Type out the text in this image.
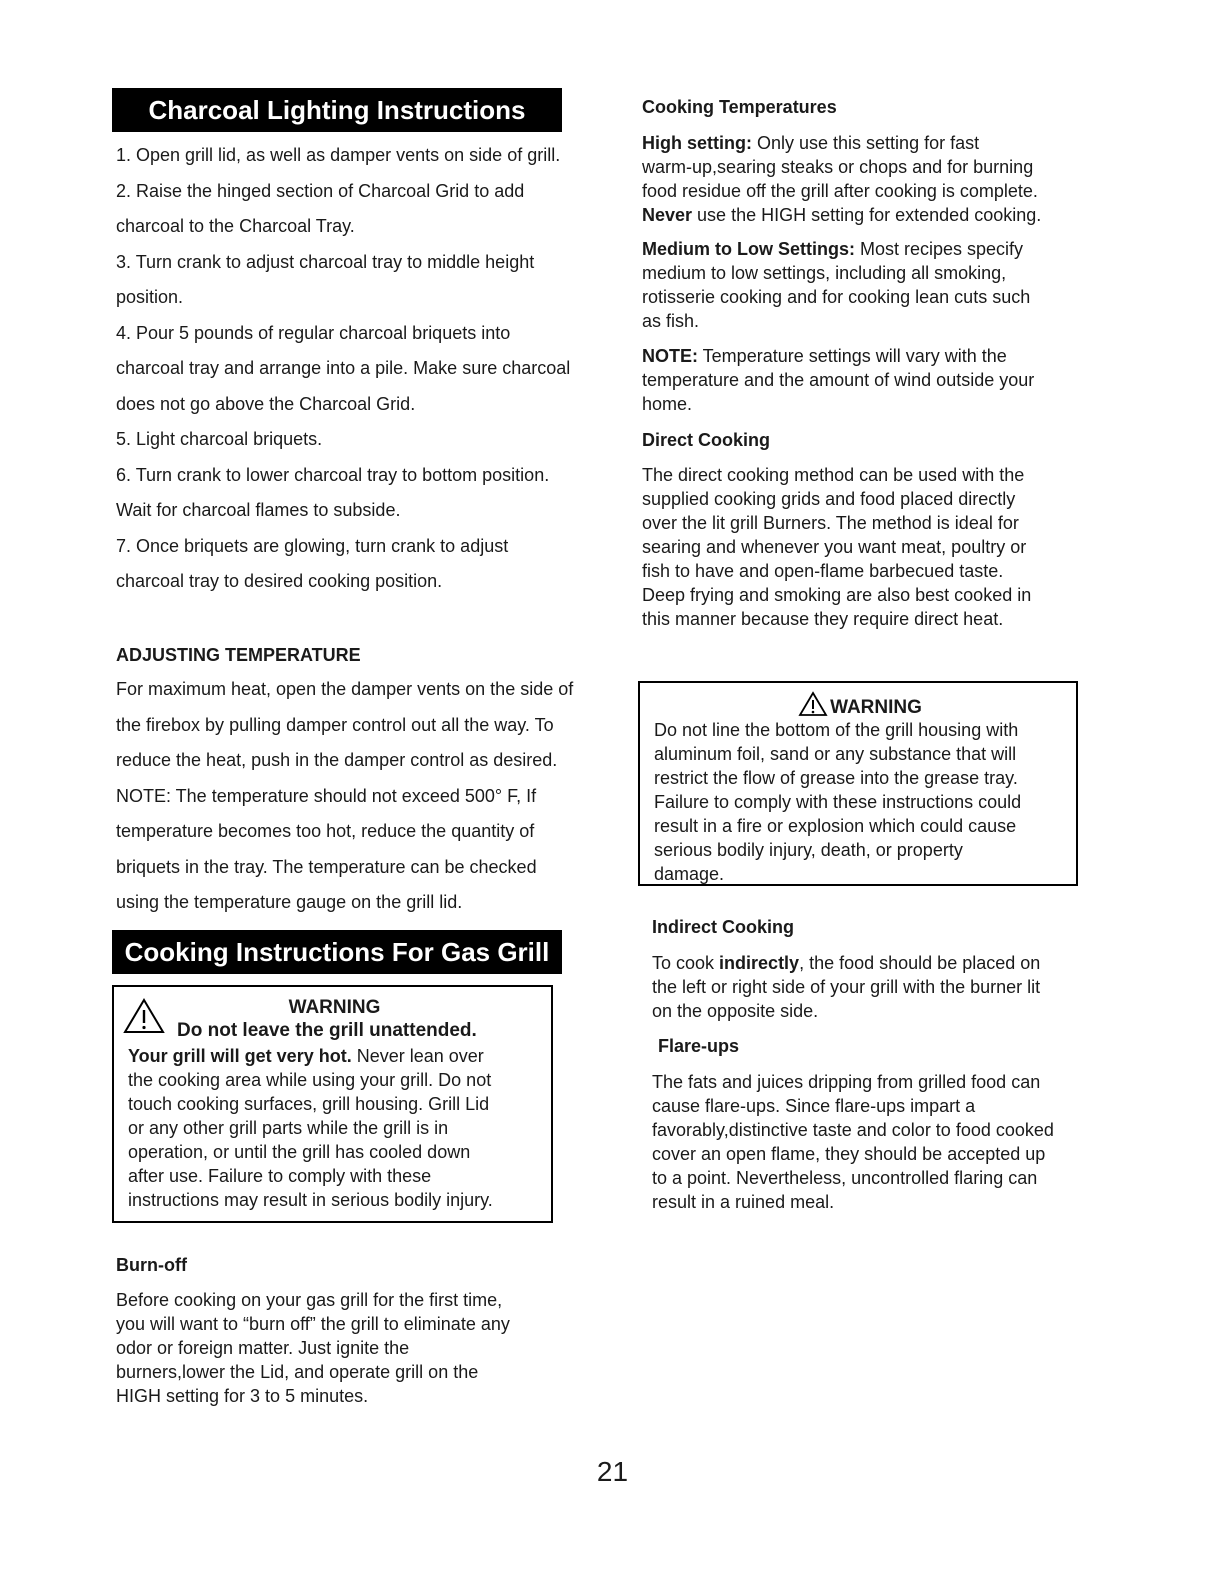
Charcoal Lighting Instructions

1. Open grill lid, as well as damper vents on side of grill.

2. Raise the hinged section of Charcoal Grid to add

charcoal to the Charcoal Tray.

3. Turn crank to adjust charcoal tray to middle height

position.

4. Pour 5 pounds of regular charcoal briquets into

charcoal tray and arrange into a pile. Make sure charcoal

does not go above the Charcoal Grid.

5. Light charcoal briquets.

6. Turn crank to lower charcoal tray to bottom position.

Wait for charcoal flames to subside.

7. Once briquets are glowing, turn crank to adjust

charcoal tray to desired cooking position.

ADJUSTING TEMPERATURE

For maximum heat, open the damper vents on the side of

the firebox by pulling damper control out all the way. To

reduce the heat, push in the damper control as desired.

NOTE: The temperature should not exceed 500° F, If

temperature becomes too hot, reduce the quantity of

briquets in the tray. The temperature can be checked

using the temperature gauge on the grill lid.

Cooking Instructions For Gas Grill
WARNING
Do not leave the grill unattended.
Your grill will get very hot. Never lean over
the cooking area while using your grill. Do not
touch cooking surfaces, grill housing. Grill Lid
or any other grill parts while the grill is in
operation, or until the grill has cooled down
after use. Failure to comply with these
instructions may result in serious bodily injury.
Burn-off
Before cooking on your gas grill for the first time,
you will want to “burn off” the grill to eliminate any
odor or foreign matter. Just ignite the
burners,lower the Lid, and operate grill on the
HIGH setting for 3 to 5 minutes.
Cooking Temperatures
High setting: Only use this setting for fast
warm-up,searing steaks or chops and for burning
food residue off the grill after cooking is complete.
Never use the HIGH setting for extended cooking.
Medium to Low Settings: Most recipes specify
medium to low settings, including all smoking,
rotisserie cooking and for cooking lean cuts such
as fish.
NOTE: Temperature settings will vary with the
temperature and the amount of wind outside your
home.
Direct Cooking
The direct cooking method can be used with the
supplied cooking grids and food placed directly
over the lit grill Burners. The method is ideal for
searing and whenever you want meat, poultry or
fish to have and open-flame barbecued taste.
Deep frying and smoking are also best cooked in
this manner because they require direct heat.
WARNING
Do not line the bottom of the grill housing with
aluminum foil, sand or any substance that will
restrict the flow of grease into the grease tray.
Failure to comply with these instructions could
result in a fire or explosion which could cause
serious bodily injury, death, or property
damage.
Indirect Cooking
To cook indirectly, the food should be placed on
the left or right side of your grill with the burner lit
on the opposite side.
Flare-ups
The fats and juices dripping from grilled food can
cause flare-ups. Since flare-ups impart a
favorably,distinctive taste and color to food cooked
cover an open flame, they should be accepted up
to a point. Nevertheless, uncontrolled flaring can
result in a ruined meal.
21
